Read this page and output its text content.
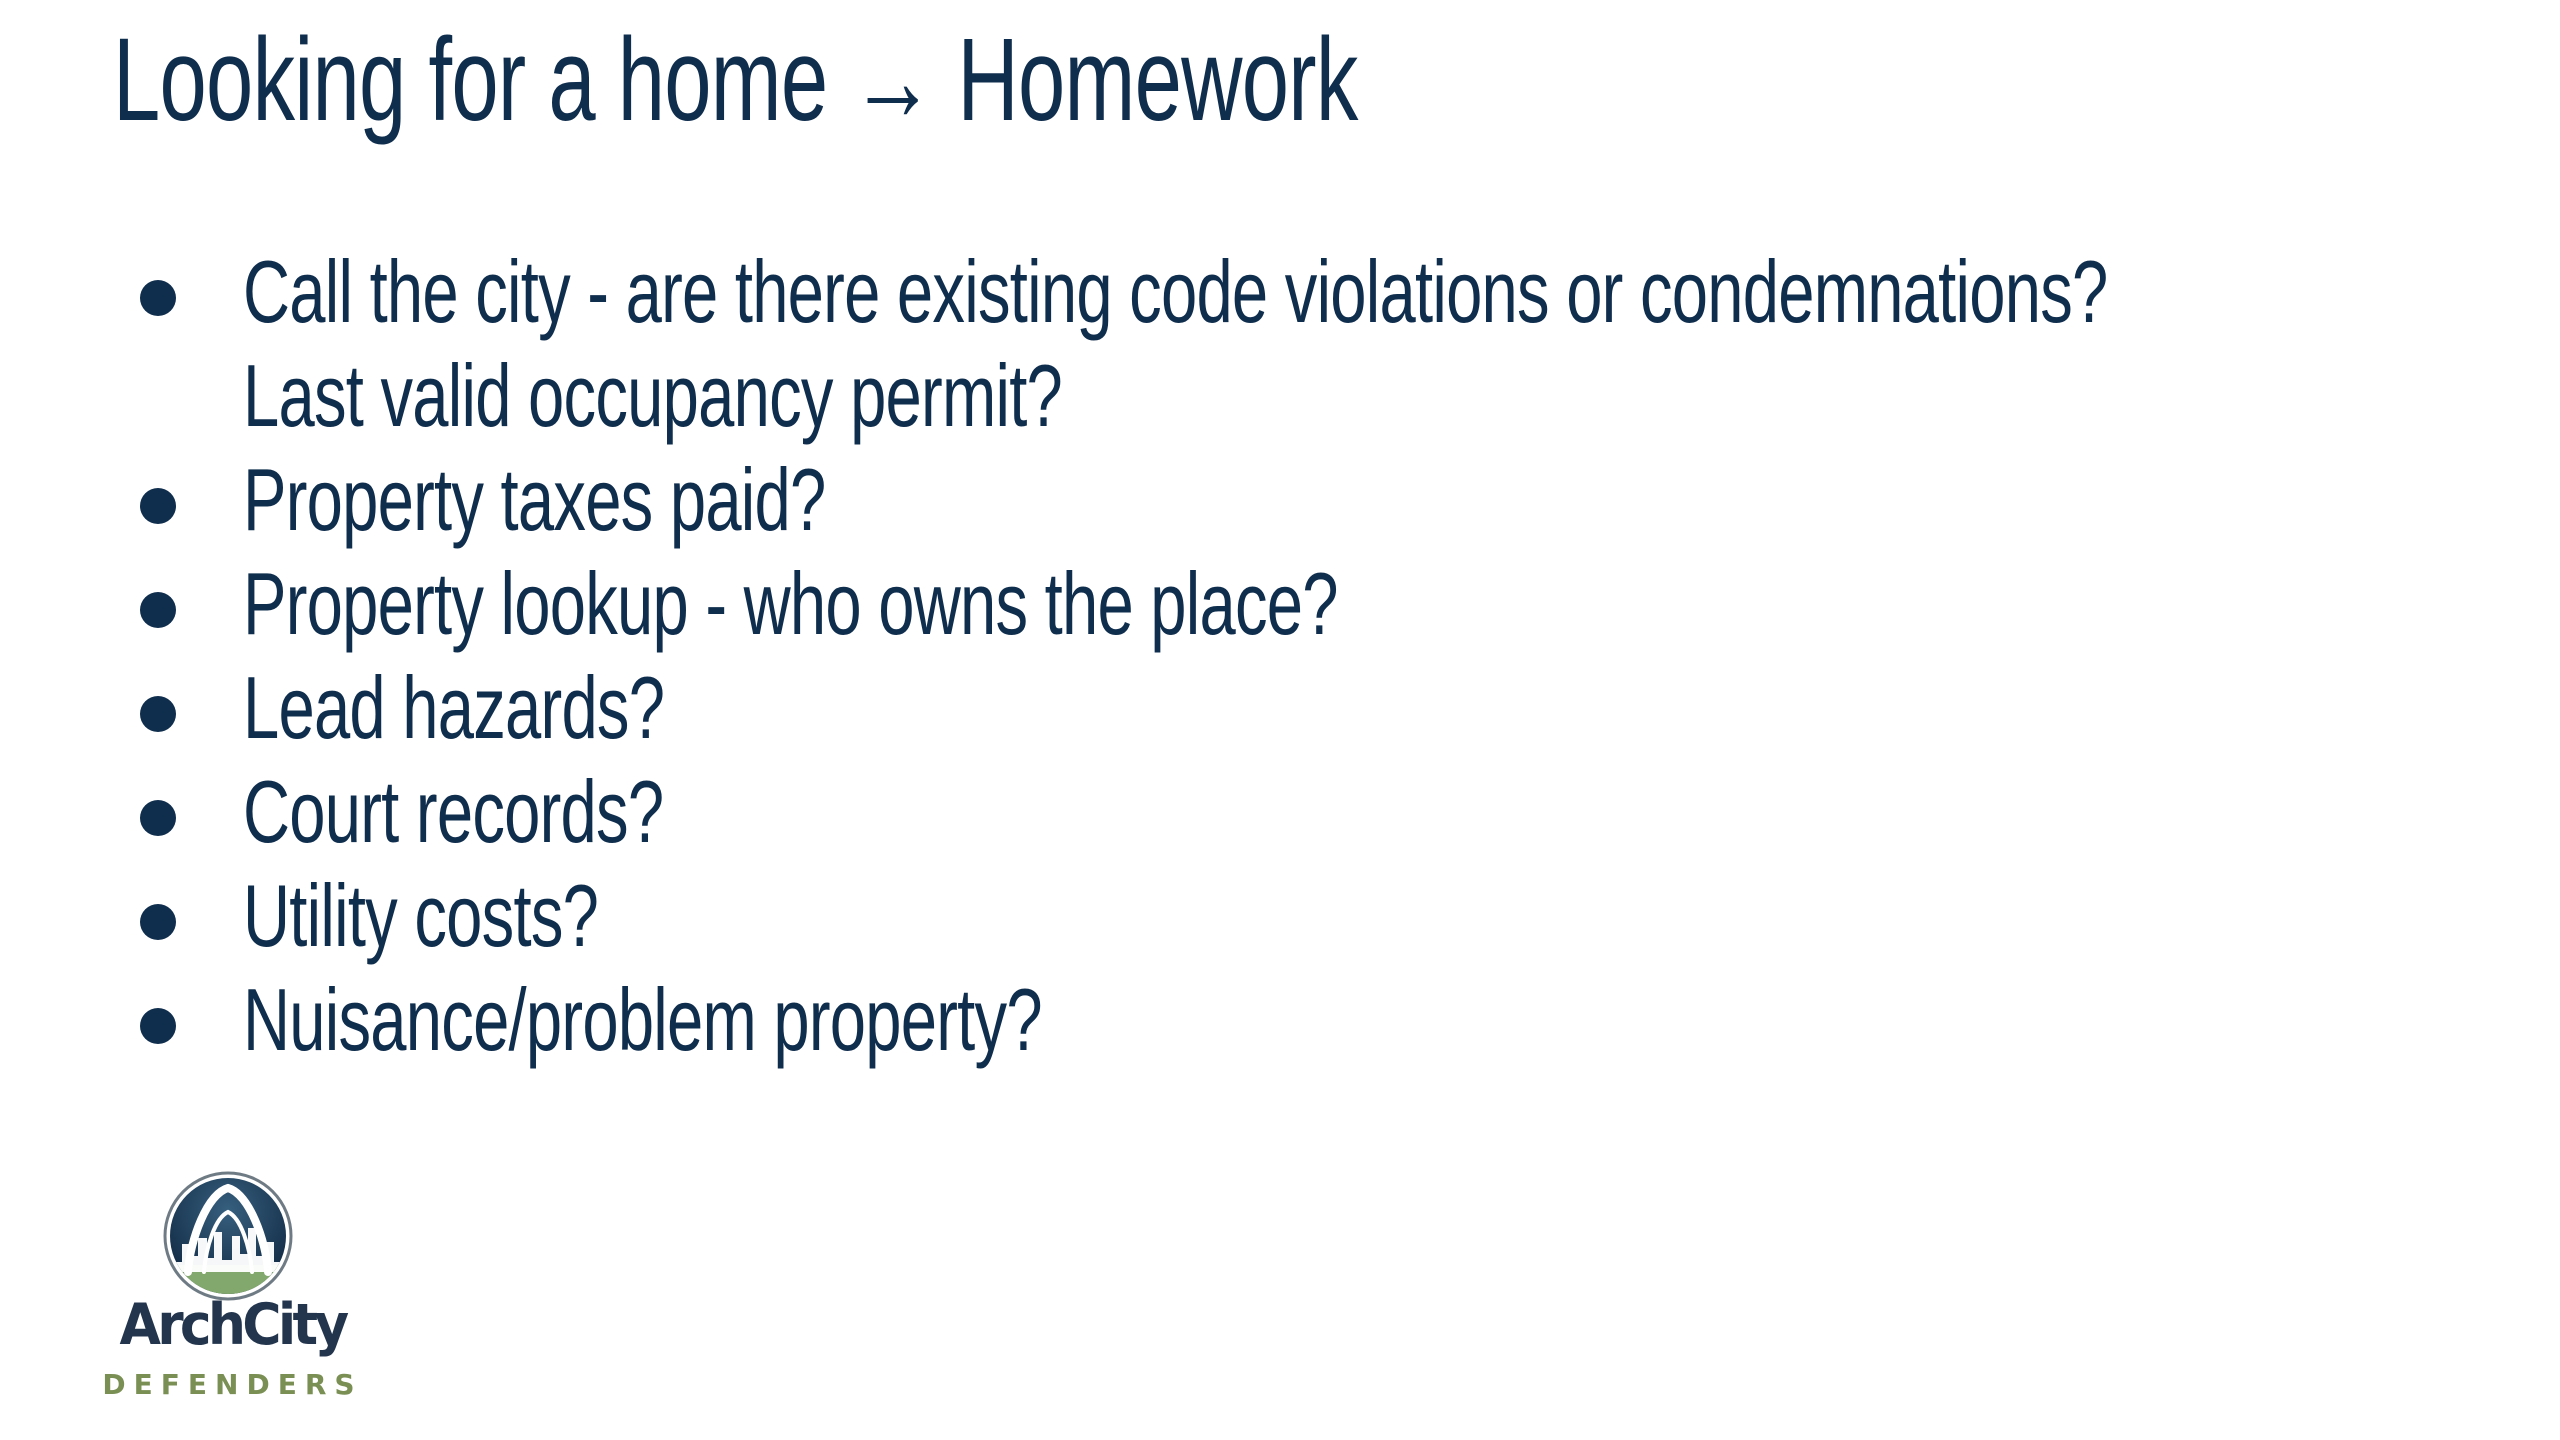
Looking for a home → Homework
Call the city - are there existing code violations or condemnations?
Last valid occupancy permit?
Property taxes paid?
Property lookup - who owns the place?
Lead hazards?
Court records?
Utility costs?
Nuisance/problem property?
ArchCity
DEFENDERS
